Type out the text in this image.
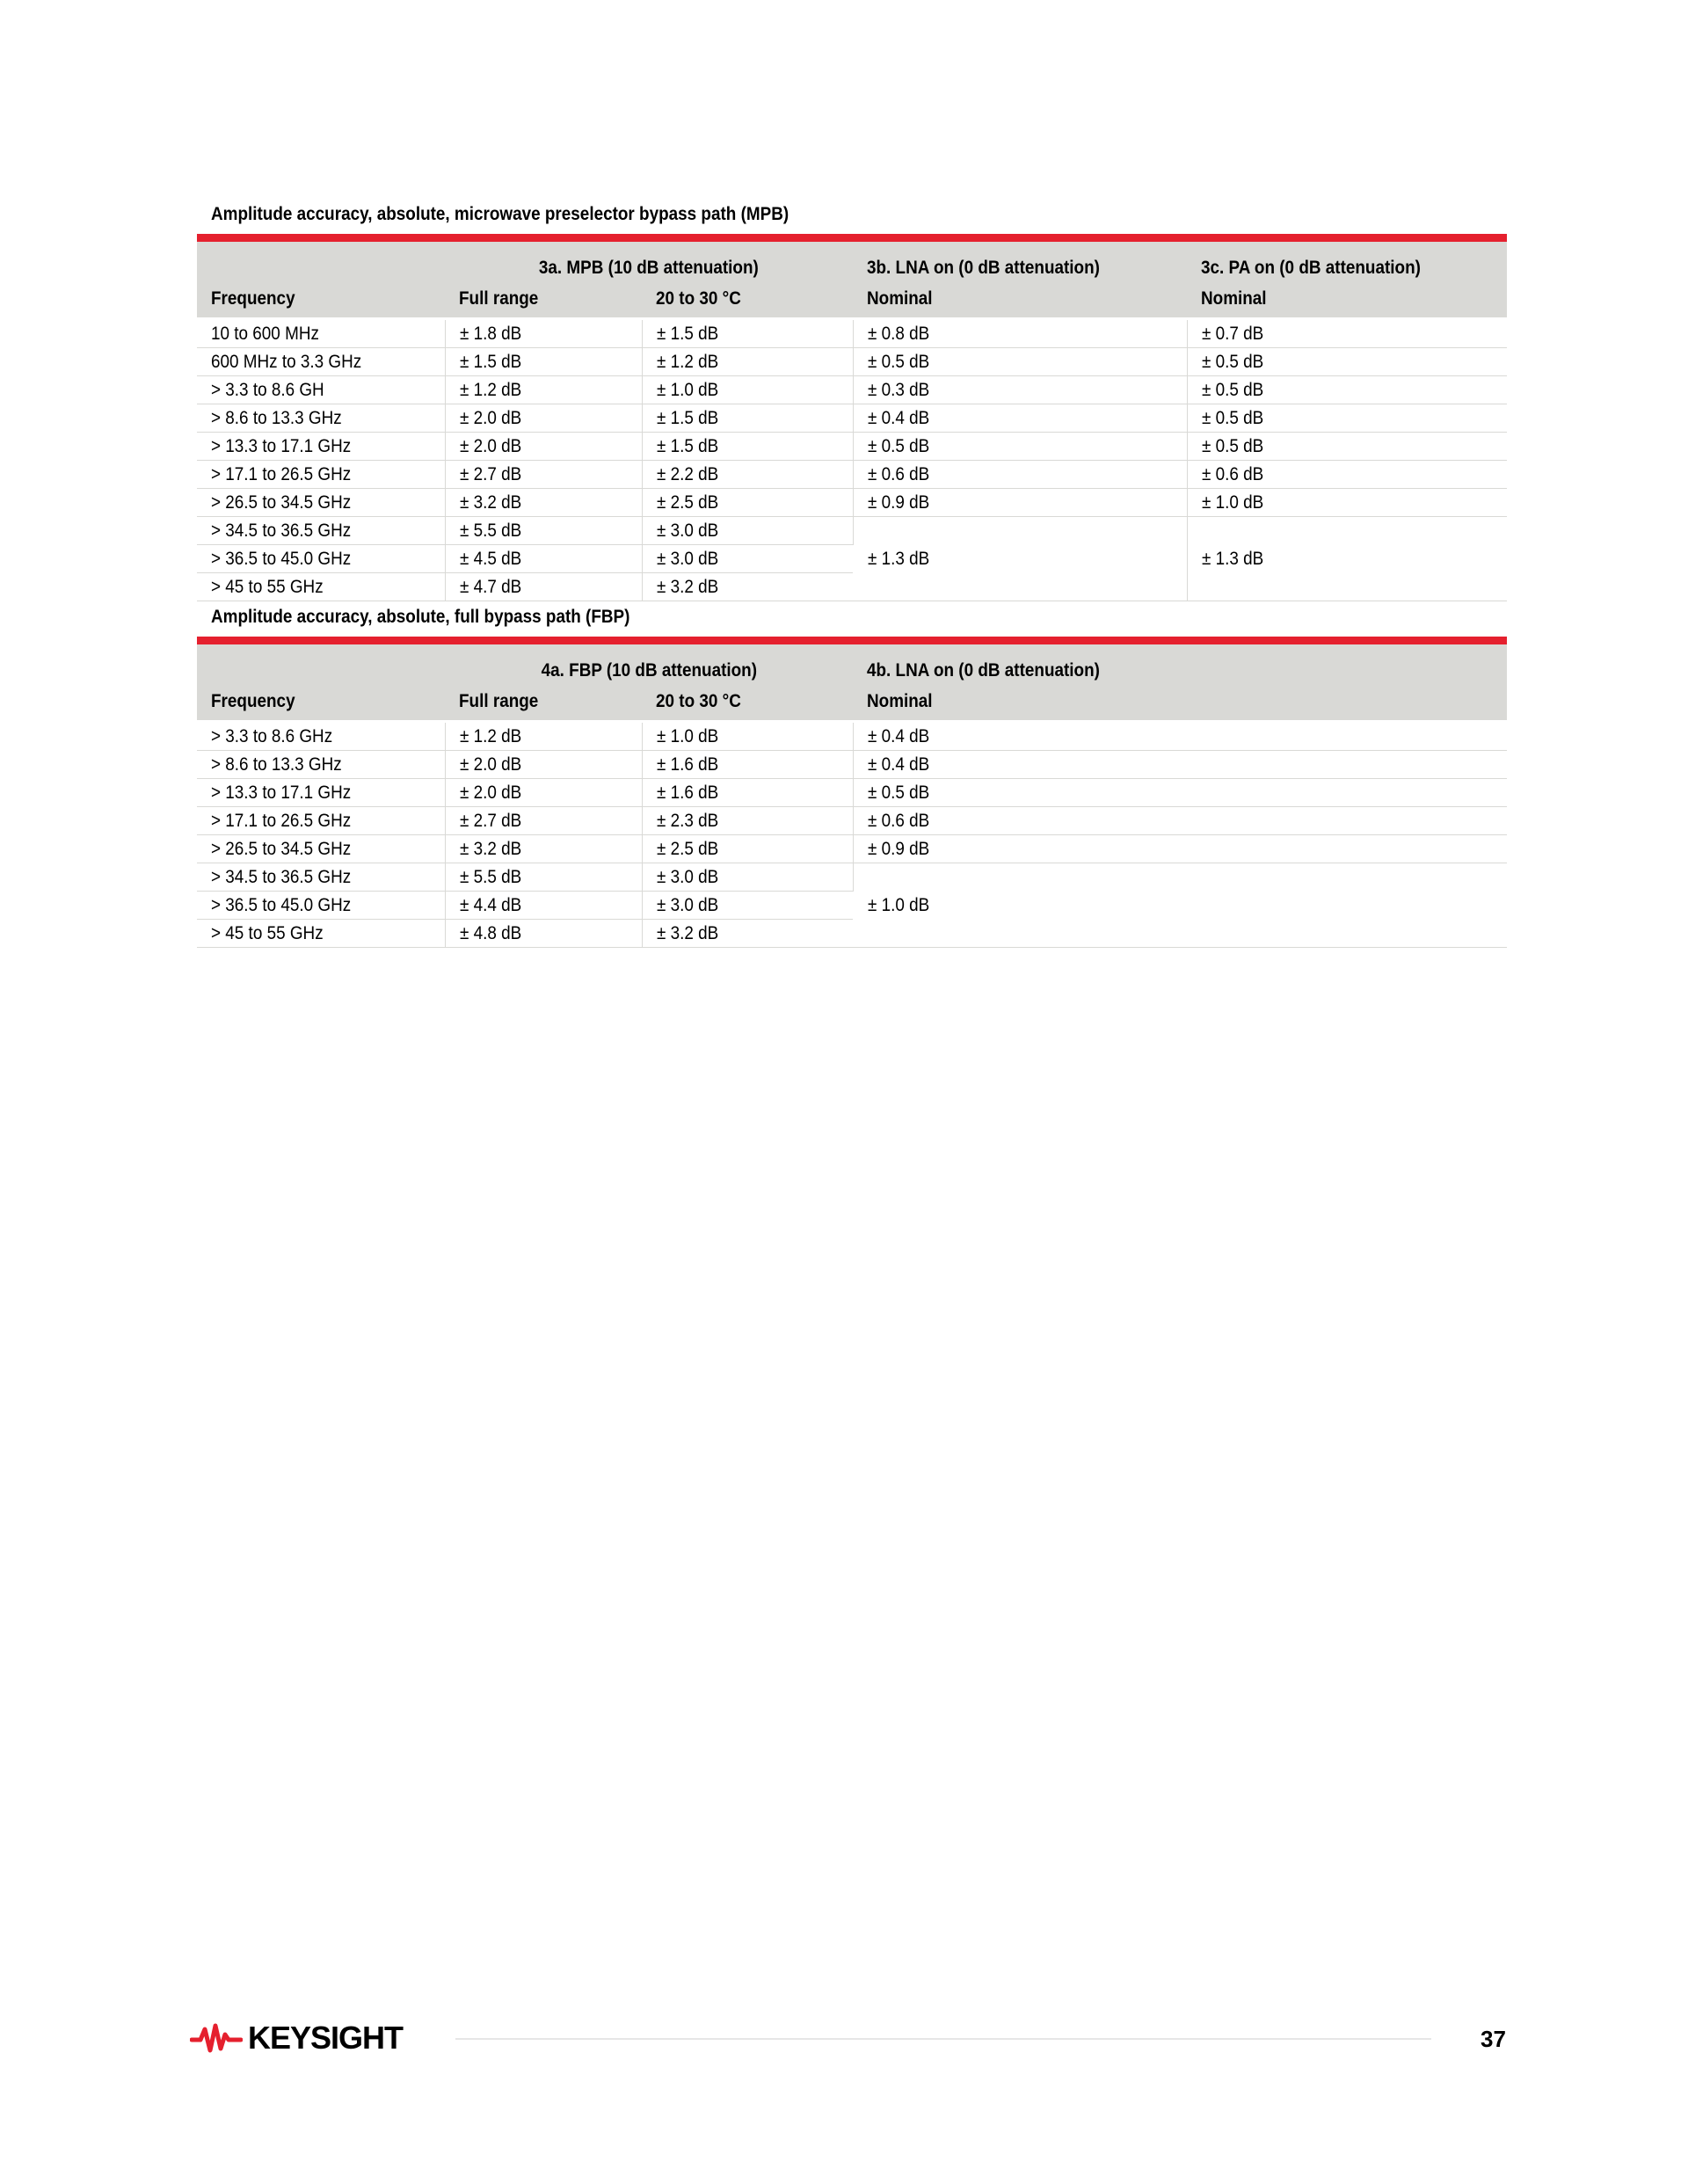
Amplitude accuracy, absolute, microwave preselector bypass path (MPB)
	3a. MPB (10 dB attenuation)		3b. LNA on (0 dB attenuation)	3c. PA on (0 dB attenuation)
Frequency	Full range	20 to 30 °C	Nominal	Nominal
10 to 600 MHz	± 1.8 dB	± 1.5 dB	± 0.8 dB	± 0.7 dB
600 MHz to 3.3 GHz	± 1.5 dB	± 1.2 dB	± 0.5 dB	± 0.5 dB
> 3.3 to 8.6 GH	± 1.2 dB	± 1.0 dB	± 0.3 dB	± 0.5 dB
> 8.6 to 13.3 GHz	± 2.0 dB	± 1.5 dB	± 0.4 dB	± 0.5 dB
> 13.3 to 17.1 GHz	± 2.0 dB	± 1.5 dB	± 0.5 dB	± 0.5 dB
> 17.1 to 26.5 GHz	± 2.7 dB	± 2.2 dB	± 0.6 dB	± 0.6 dB
> 26.5 to 34.5 GHz	± 3.2 dB	± 2.5 dB	± 0.9 dB	± 1.0 dB
> 34.5 to 36.5 GHz	± 5.5 dB	± 3.0 dB	± 1.3 dB	± 1.3 dB
> 36.5 to 45.0 GHz	± 4.5 dB	± 3.0 dB		
> 45 to 55 GHz	± 4.7 dB	± 3.2 dB		
Amplitude accuracy, absolute, full bypass path (FBP)
	4a. FBP (10 dB attenuation)		4b. LNA on (0 dB attenuation)
Frequency	Full range	20 to 30 °C	Nominal
> 3.3 to 8.6 GHz	± 1.2 dB	± 1.0 dB	± 0.4 dB
> 8.6 to 13.3 GHz	± 2.0 dB	± 1.6 dB	± 0.4 dB
> 13.3 to 17.1 GHz	± 2.0 dB	± 1.6 dB	± 0.5 dB
> 17.1 to 26.5 GHz	± 2.7 dB	± 2.3 dB	± 0.6 dB
> 26.5 to 34.5 GHz	± 3.2 dB	± 2.5 dB	± 0.9 dB
> 34.5 to 36.5 GHz	± 5.5 dB	± 3.0 dB	± 1.0 dB
> 36.5 to 45.0 GHz	± 4.4 dB	± 3.0 dB	
> 45 to 55 GHz	± 4.8 dB	± 3.2 dB	
KEYSIGHT	37
